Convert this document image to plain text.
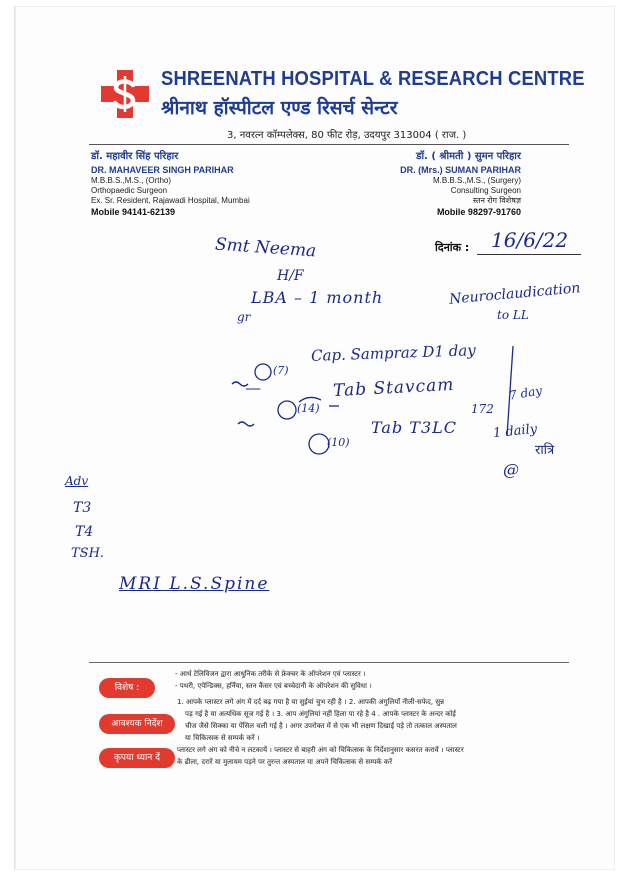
SHREENATH HOSPITAL & RESEARCH CENTRE
श्रीनाथ हॉस्पीटल एण्ड रिसर्च सेन्टर
3, नवरत्न कॉम्पलेक्स, 80 फीट रोड़, उदयपुर 313004 ( राज. )
डॉ. महावीर सिंह परिहार
DR. MAHAVEER SINGH PARIHAR
M.B.B.S.,M.S., (Ortho)
Orthopaedic Surgeon
Ex. Sr. Resident, Rajawadi Hospital, Mumbai
Mobile 94141-62139
डॉ. ( श्रीमती ) सुमन परिहार
DR. (Mrs.) SUMAN PARIHAR
M.B.B.S.,M.S., (Surgery)
Consulting Surgeon
स्तन रोग विशेषज्ञ
Mobile 98297-91760
दिनांक : 16/6/22
Smt Neema
H/F
LBA – 1 month	Neuroclaudication
to LL
gr
—
Cap. Sampraz D1 day
Tab Stavcam
172
7 day
Tab T3LC	1 daily
रात्रि
@
(7)
(14)
(10)
Adv
T3
T4
TSH.
MRI L.S.Spine
विशेष :
- आर्थ टेलिविजन द्वारा आधुनिक तरीके से फ्रेक्चर के ऑपरेशन एवं प्लास्टर ।
- पथरी, एपेन्डिक्स, हर्निया, स्तन कैंसर एवं बच्चेदानी के ऑपरेशन की सुविधा ।
आवश्यक निर्देश
1. आपके प्लास्टर लगे अंग में दर्द बढ़ गया है या सुईयां चुभ रही है । 2. आपकी अंगुलियाँ नीली-सफेद, सुन्न
पड़ गई है या अत्यधिक सूज गई है । 3. आप अंगुलियां नहीं हिला पा रहे है 4 . आपके प्लास्टर के अन्दर कोई
चीज जैसे सिक्का या पेंसिल चली गई है । अगर उपरोक्त में से एक भी लक्षण दिखाई पड़े तो तत्काल अस्पताल
या चिकित्सक से सम्पर्क करें ।
कृपया ध्यान दें
प्लास्टर लगे अंग को नीचे न लटकायें । प्लास्टर से बाहरी अंग को चिकित्सक के निर्देशानुसार कसरत करावें । प्लास्टर
के ढीला, दरारें या मुलायम पड़ने पर तुरन्त अस्पताल या अपने चिकित्सक से सम्पर्क करें
